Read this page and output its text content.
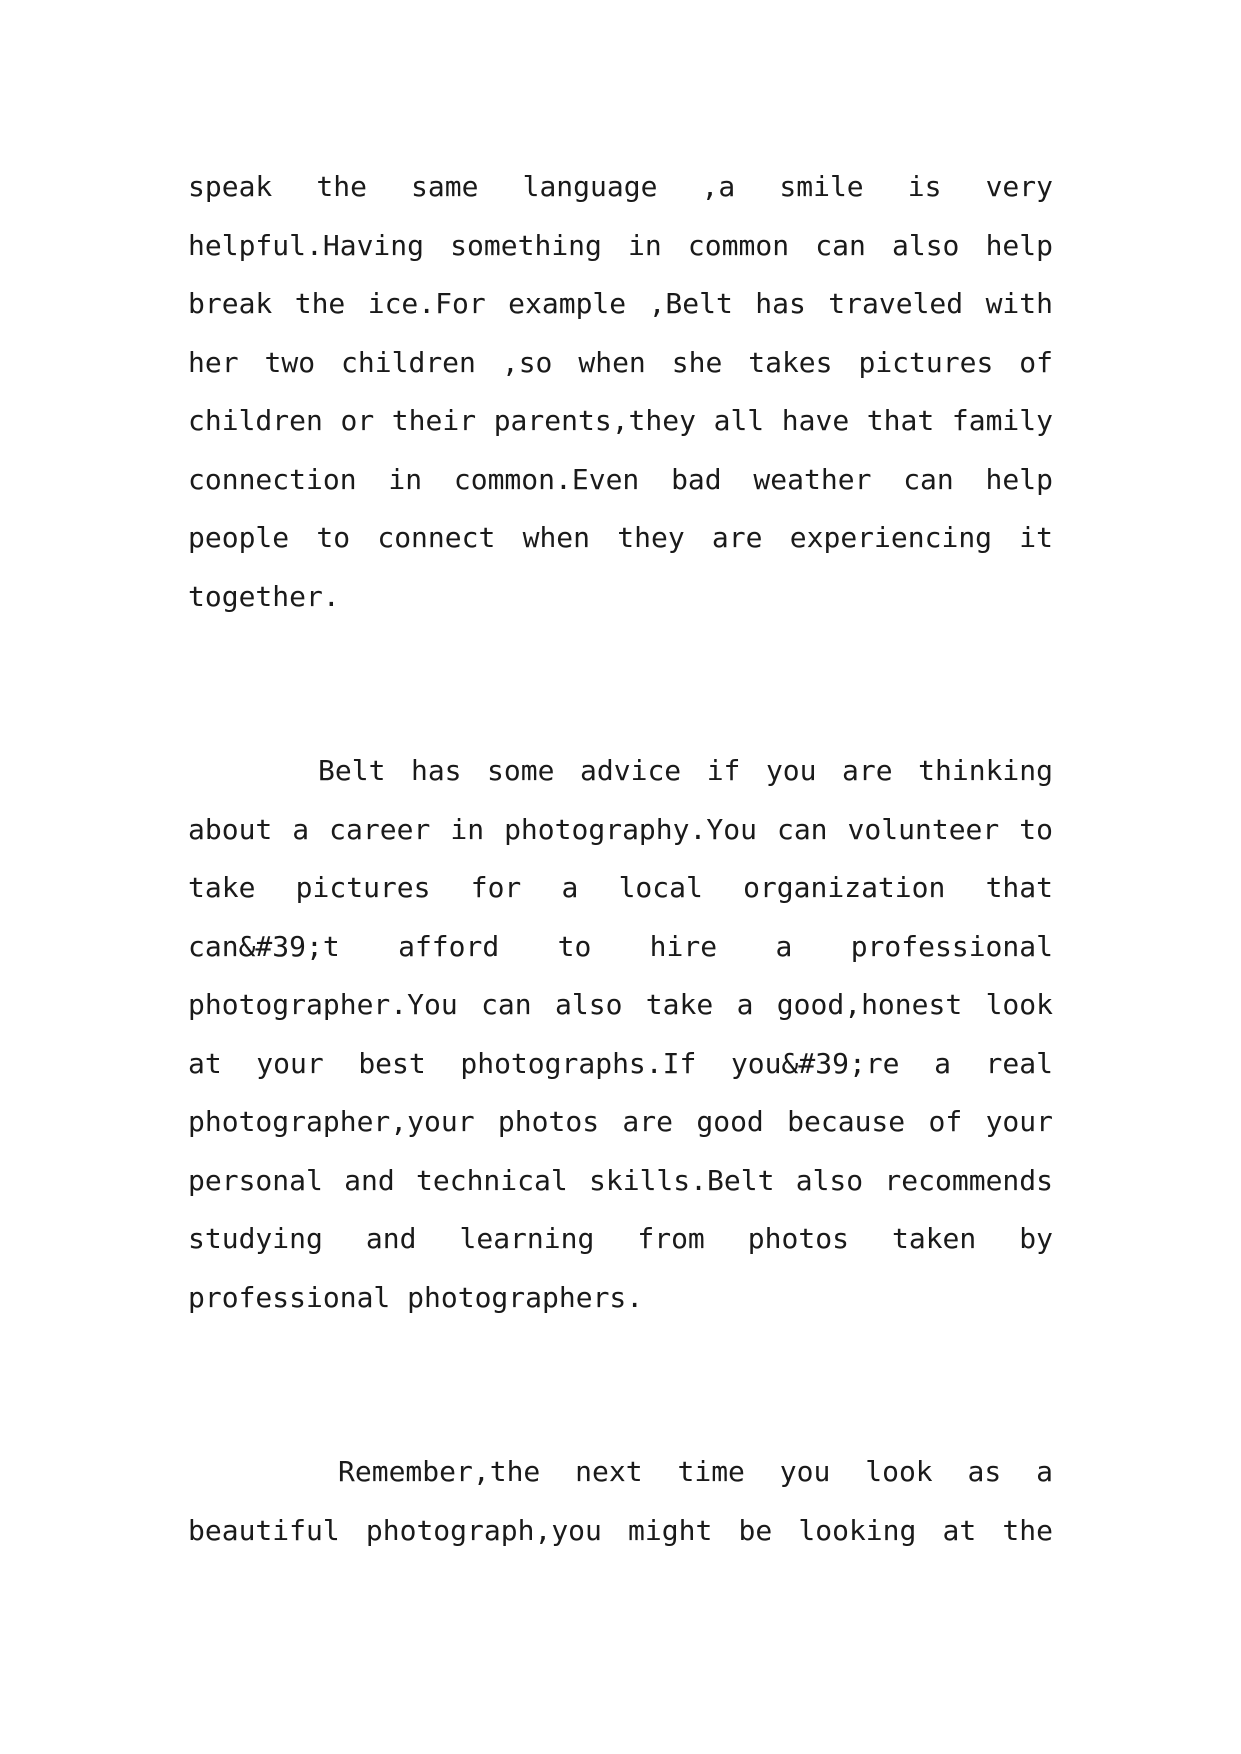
speak the same language ,a smile is very
helpful.Having something in common can also help
break the ice.For example ,Belt has traveled with
her two children ,so when she takes pictures of
children or their parents,they all have that family
connection in common.Even bad weather can help
people to connect when they are experiencing it
together.
Belt has some advice if you are thinking
about a career in photography.You can volunteer to
take pictures for a local organization that
can&#39;t afford to hire a professional
photographer.You can also take a good,honest look
at your best photographs.If you&#39;re a real
photographer,your photos are good because of your
personal and technical skills.Belt also recommends
studying and learning from photos taken by
professional photographers.
Remember,the next time you look as a
beautiful photograph,you might be looking at the
